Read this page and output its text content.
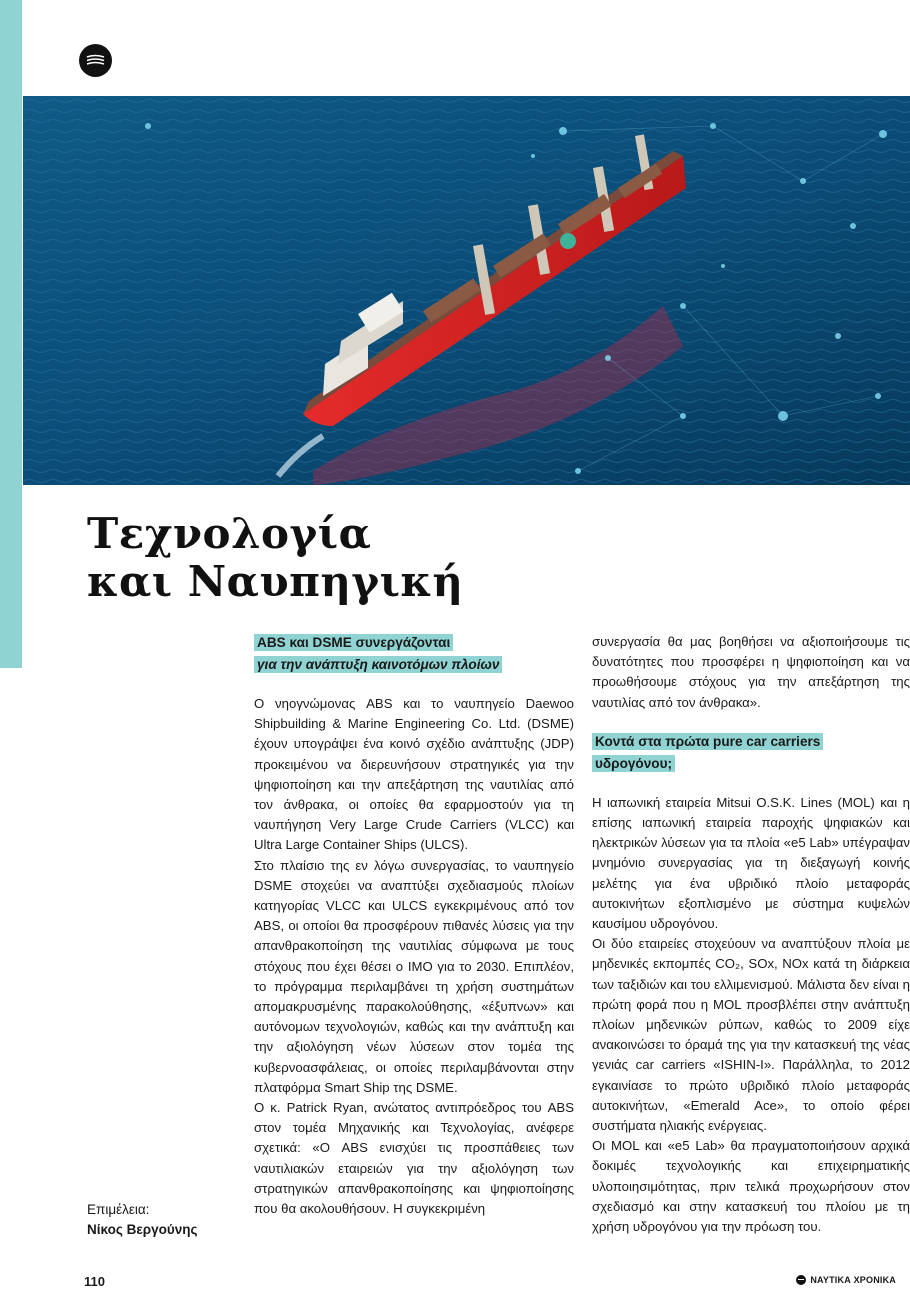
Τεχνολογία
και Ναυπηγική
ABS και DSME συνεργάζονται
για την ανάπτυξη καινοτόμων πλοίων

Ο νηογνώμονας ABS και το ναυπηγείο Daewoo Shipbuilding & Marine Engineering Co. Ltd. (DSME) έχουν υπογράψει ένα κοινό σχέδιο ανάπτυξης (JDP) προκειμένου να διερευνήσουν στρατηγικές για την ψηφιοποίηση και την απεξάρτηση της ναυτιλίας από τον άνθρακα, οι οποίες θα εφαρμοστούν για τη ναυπήγηση Very Large Crude Carriers (VLCC) και Ultra Large Container Ships (ULCS).

Στο πλαίσιο της εν λόγω συνεργασίας, το ναυπηγείο DSME στοχεύει να αναπτύξει σχεδιασμούς πλοίων κατηγορίας VLCC και ULCS εγκεκριμένους από τον ABS, οι οποίοι θα προσφέρουν πιθανές λύσεις για την απανθρακοποίηση της ναυτιλίας σύμφωνα με τους στόχους που έχει θέσει ο IMO για το 2030. Επιπλέον, το πρόγραμμα περιλαμβάνει τη χρήση συστημάτων απομακρυσμένης παρακολούθησης, «έξυπνων» και αυτόνομων τεχνολογιών, καθώς και την ανάπτυξη και την αξιολόγηση νέων λύσεων στον τομέα της κυβερνοασφάλειας, οι οποίες περιλαμβάνονται στην πλατφόρμα Smart Ship της DSME.

Ο κ. Patrick Ryan, ανώτατος αντιπρόεδρος του ABS στον τομέα Μηχανικής και Τεχνολογίας, ανέφερε σχετικά: «Ο ABS ενισχύει τις προσπάθειες των ναυτιλιακών εταιρειών για την αξιολόγηση των στρατηγικών απανθρακοποίησης και ψηφιοποίησης που θα ακολουθήσουν. Η συγκεκριμένη

συνεργασία θα μας βοηθήσει να αξιοποιήσουμε τις δυνατότητες που προσφέρει η ψηφιοποίηση και να προωθήσουμε στόχους για την απεξάρτηση της ναυτιλίας από τον άνθρακα».

Κοντά στα πρώτα pure car carriers
υδρογόνου;

Η ιαπωνική εταιρεία Mitsui O.S.K. Lines (MOL) και η επίσης ιαπωνική εταιρεία παροχής ψηφιακών και ηλεκτρικών λύσεων για τα πλοία «e5 Lab» υπέγραψαν μνημόνιο συνεργασίας για τη διεξαγωγή κοινής μελέτης για ένα υβριδικό πλοίο μεταφοράς αυτοκινήτων εξοπλισμένο με σύστημα κυψελών καυσίμου υδρογόνου.

Οι δύο εταιρείες στοχεύουν να αναπτύξουν πλοία με μηδενικές εκπομπές CO₂, SOx, NOx κατά τη διάρκεια των ταξιδιών και του ελλιμενισμού. Μάλιστα δεν είναι η πρώτη φορά που η MOL προσβλέπει στην ανάπτυξη πλοίων μηδενικών ρύπων, καθώς το 2009 είχε ανακοινώσει το όραμά της για την κατασκευή της νέας γενιάς car carriers «ISHIN-I». Παράλληλα, το 2012 εγκαινίασε το πρώτο υβριδικό πλοίο μεταφοράς αυτοκινήτων, «Emerald Ace», το οποίο φέρει συστήματα ηλιακής ενέργειας.

Οι MOL και «e5 Lab» θα πραγματοποιήσουν αρχικά δοκιμές τεχνολογικής και επιχειρηματικής υλοποιησιμότητας, πριν τελικά προχωρήσουν στον σχεδιασμό και στην κατασκευή του πλοίου με τη χρήση υδρογόνου για την πρόωση του.

Επιμέλεια:
Νίκος Βεργούνης
110	ΝΑΥΤΙΚΑ ΧΡΟΝΙΚΑ
